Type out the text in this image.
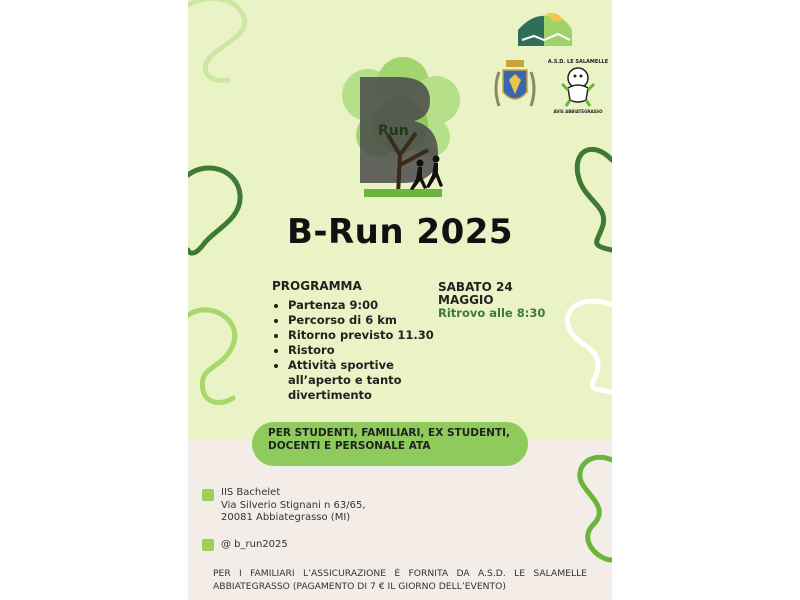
A.S.D. LE SALAMELLE
AVIS ABBIATEGRASSO
Run
B-Run 2025
PROGRAMMA
• Partenza 9:00
• Percorso di 6 km
• Ritorno previsto 11.30
• Ristoro
• Attività sportive all’aperto e tanto divertimento
SABATO 24 MAGGIO
Ritrovo alle 8:30
PER STUDENTI, FAMILIARI, EX STUDENTI, DOCENTI E PERSONALE ATA
IIS Bachelet
Via Silverio Stignani n 63/65,
20081 Abbiategrasso (MI)
@ b_run2025
PER I FAMILIARI L’ASSICURAZIONE È FORNITA DA A.S.D. LE SALAMELLE ABBIATEGRASSO (PAGAMENTO DI 7 € IL GIORNO DELL’EVENTO)
